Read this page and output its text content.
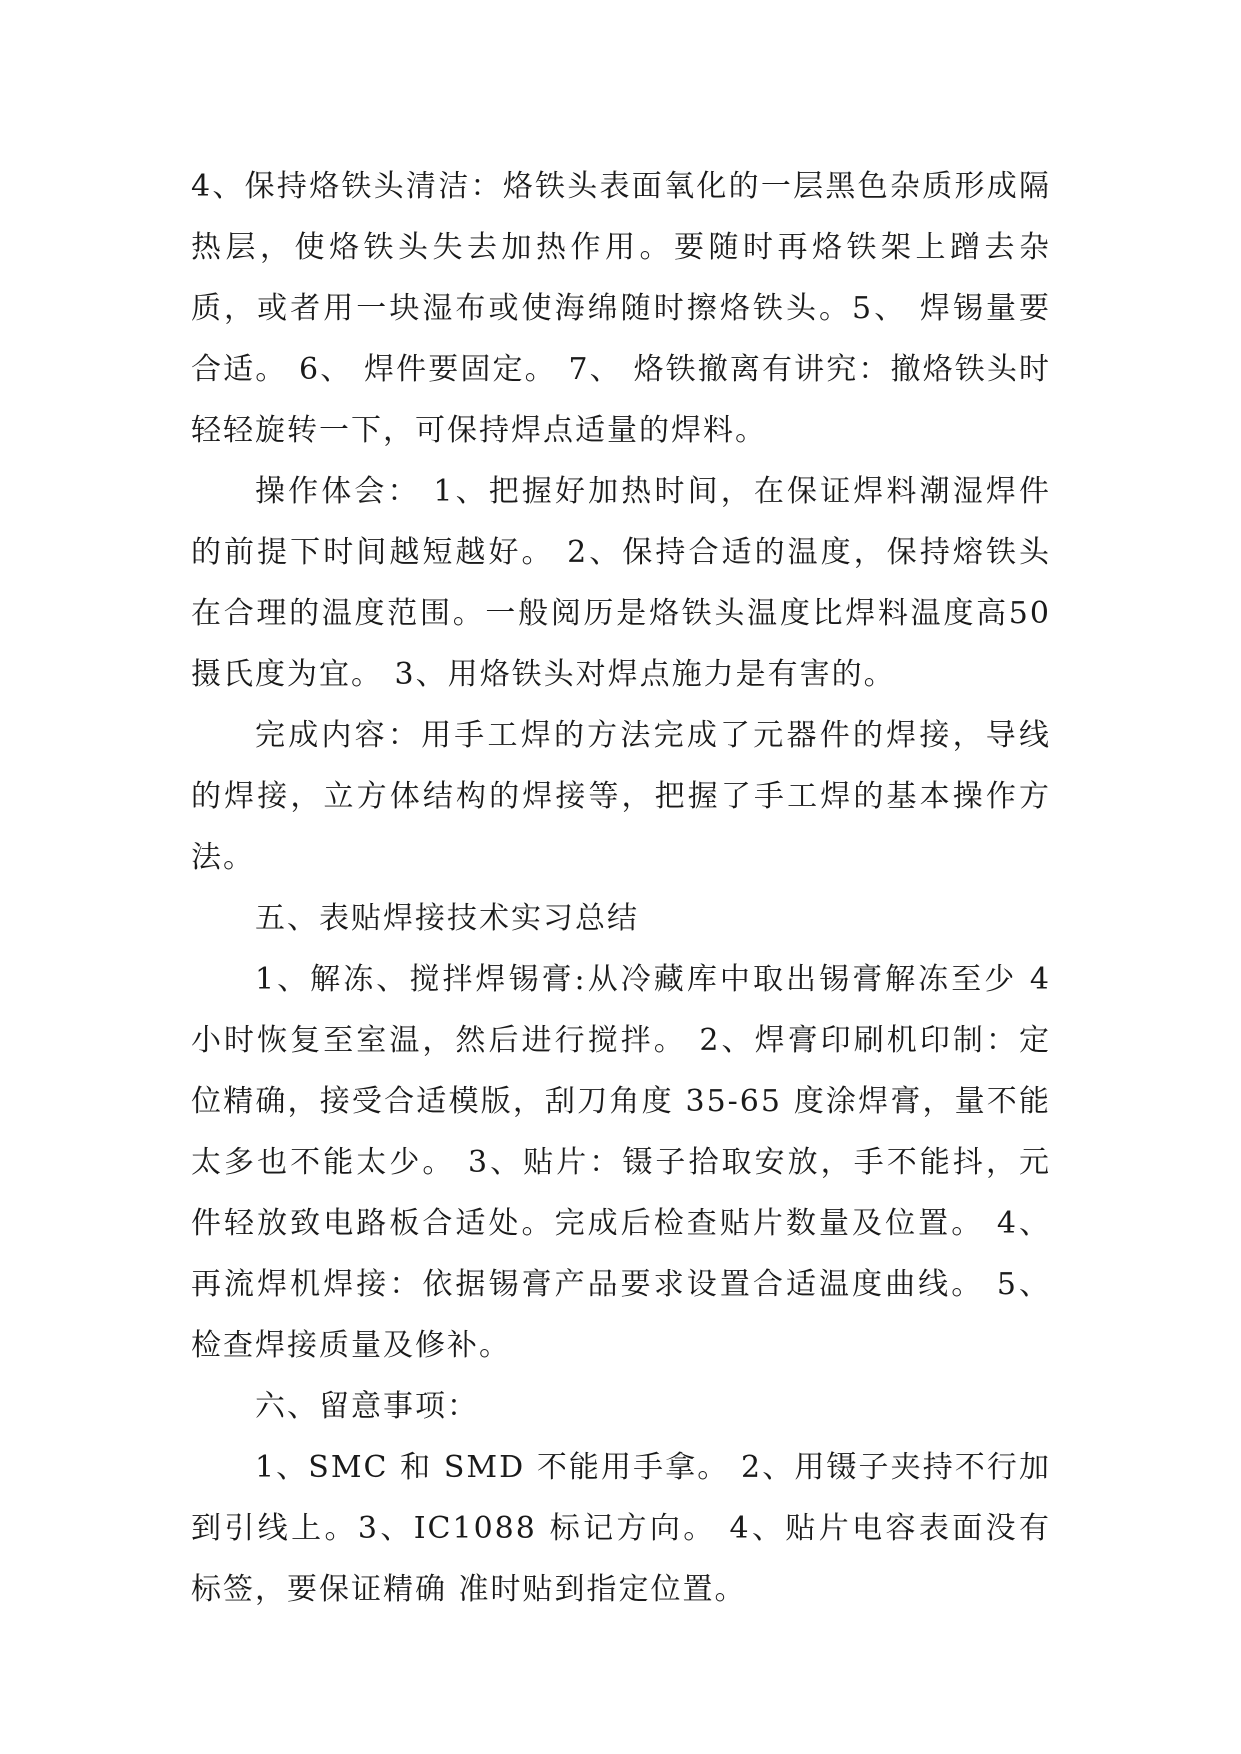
4、保持烙铁头清洁：烙铁头表面氧化的一层黑色杂质形成隔热层，使烙铁头失去加热作用。要随时再烙铁架上蹭去杂质，或者用一块湿布或使海绵随时擦烙铁头。5、 焊锡量要合适。 6、 焊件要固定。 7、 烙铁撤离有讲究：撤烙铁头时轻轻旋转一下，可保持焊点适量的焊料。

操作体会： 1、把握好加热时间，在保证焊料潮湿焊件的前提下时间越短越好。 2、保持合适的温度，保持熔铁头在合理的温度范围。一般阅历是烙铁头温度比焊料温度高50摄氏度为宜。 3、用烙铁头对焊点施力是有害的。

完成内容：用手工焊的方法完成了元器件的焊接，导线的焊接，立方体结构的焊接等，把握了手工焊的基本操作方法。

五、表贴焊接技术实习总结

1、解冻、搅拌焊锡膏:从冷藏库中取出锡膏解冻至少 4小时恢复至室温，然后进行搅拌。 2、焊膏印刷机印制：定位精确，接受合适模版，刮刀角度 35-65 度涂焊膏，量不能太多也不能太少。 3、贴片：镊子拾取安放，手不能抖，元件轻放致电路板合适处。完成后检查贴片数量及位置。 4、再流焊机焊接：依据锡膏产品要求设置合适温度曲线。 5、检查焊接质量及修补。

六、留意事项：

1、SMC 和 SMD 不能用手拿。 2、用镊子夹持不行加到引线上。3、IC1088 标记方向。 4、贴片电容表面没有标签，要保证精确 准时贴到指定位置。
